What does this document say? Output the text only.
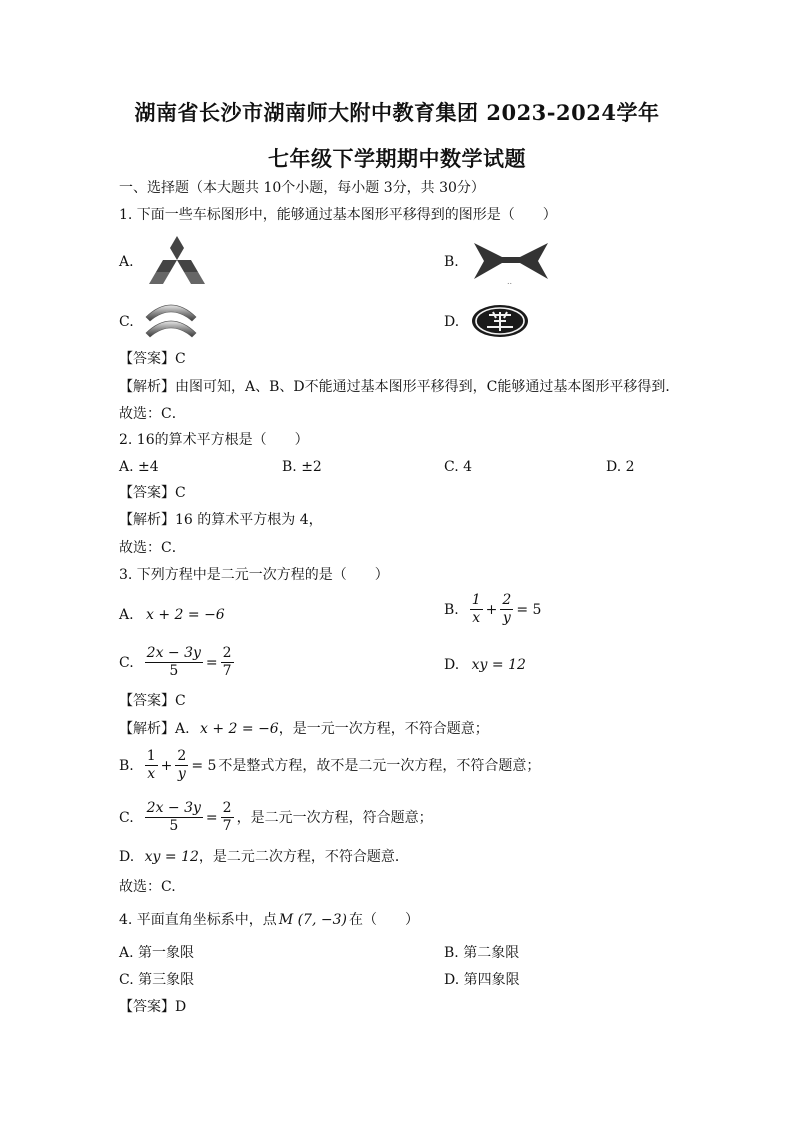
湖南省长沙市湖南师大附中教育集团 2023-2024学年
七年级下学期期中数学试题
一、选择题（本大题共 10个小题，每小题 3分，共 30分）
1. 下面一些车标图形中，能够通过基本图形平移得到的图形是（　　）
A.	B.
..
C.	D.
【答案】C
【解析】由图可知，A、B、D不能通过基本图形平移得到，C能够通过基本图形平移得到．
故选：C．
2. 16的算术平方根是（　　）
A. ±4	B. ±2	C. 4	D. 2
【答案】C
【解析】16 的算术平方根为 4，
故选：C．
3. 下列方程中是二元一次方程的是（　　）
A. x + 2 = −6	B. $\frac{1}{x} + \frac{2}{y} = 5$
C. $\frac{2x - 3y}{5} = \frac{2}{7}$	D. xy = 12
【答案】C
【解析】A. x + 2 = −6，是一元一次方程，不符合题意；
B. $\frac{1}{x} + \frac{2}{y} = 5$ 不是整式方程，故不是二元一次方程，不符合题意；
C. $\frac{2x - 3y}{5} = \frac{2}{7}$ ，是二元一次方程，符合题意；
D. xy = 12，是二元二次方程，不符合题意．
故选：C.
4. 平面直角坐标系中，点 M (7, −3) 在（　　）
A. 第一象限	B. 第二象限
C. 第三象限	D. 第四象限
【答案】D
